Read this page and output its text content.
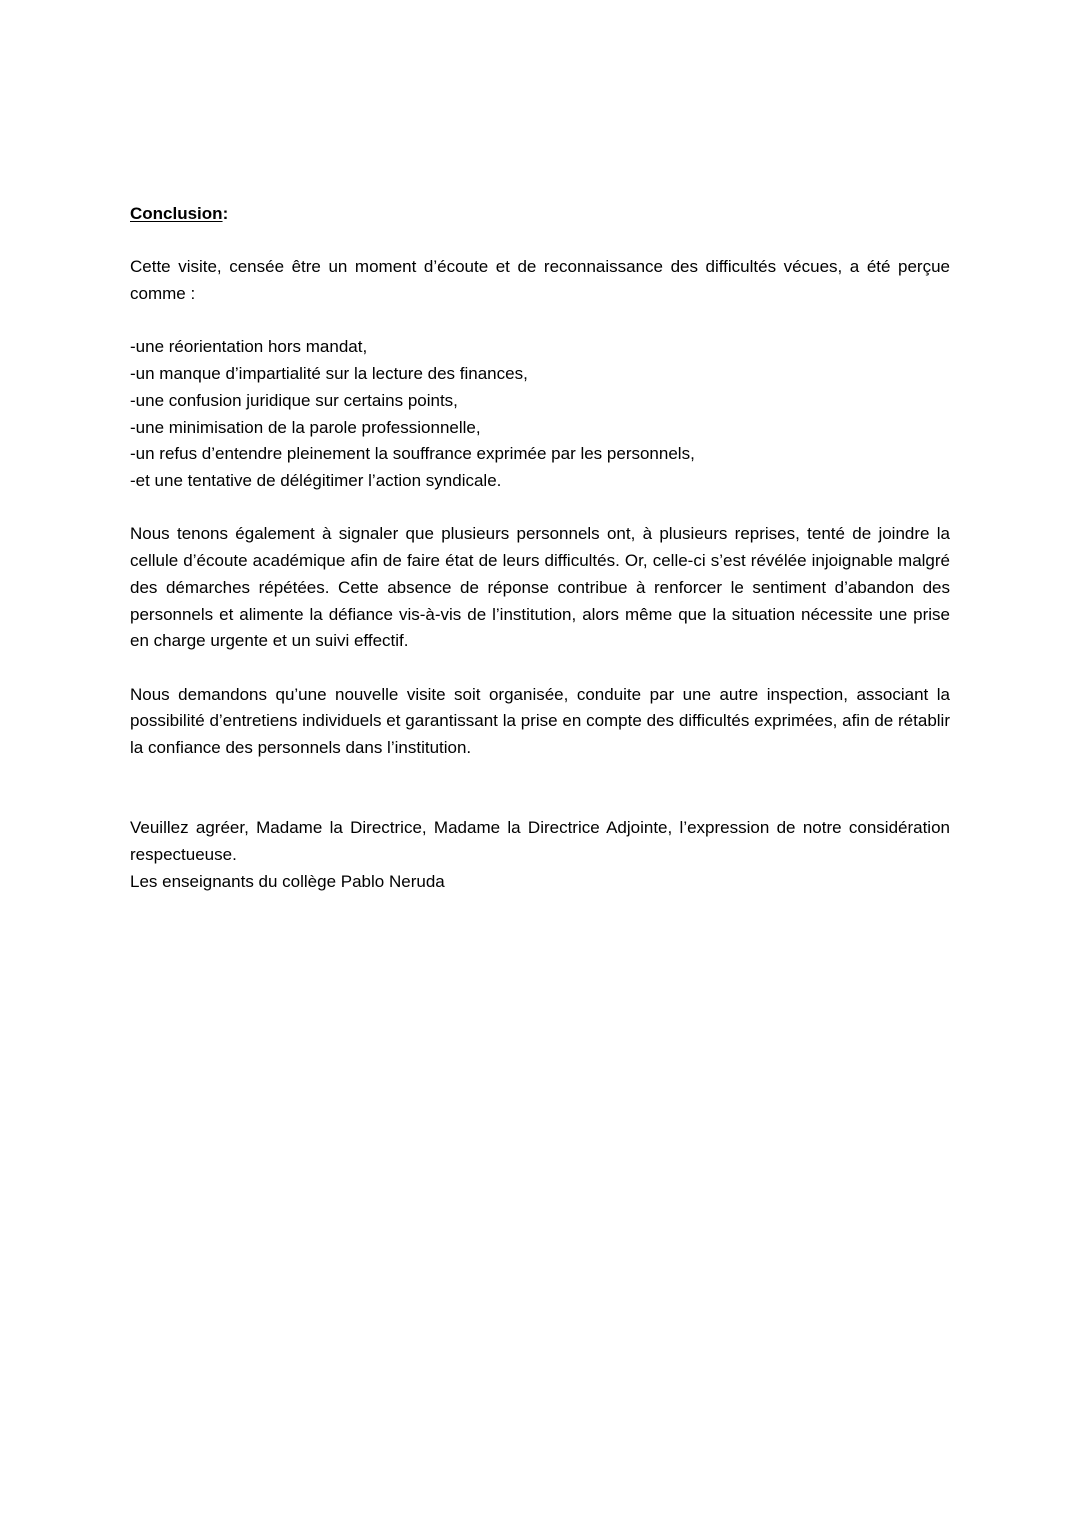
Conclusion:

Cette visite, censée être un moment d’écoute et de reconnaissance des difficultés vécues, a été perçue comme :

-une réorientation hors mandat,
-un manque d’impartialité sur la lecture des finances,
-une confusion juridique sur certains points,
-une minimisation de la parole professionnelle,
-un refus d’entendre pleinement la souffrance exprimée par les personnels,
-et une tentative de délégitimer l’action syndicale.

Nous tenons également à signaler que plusieurs personnels ont, à plusieurs reprises, tenté de joindre la cellule d’écoute académique afin de faire état de leurs difficultés. Or, celle-ci s’est révélée injoignable malgré des démarches répétées. Cette absence de réponse contribue à renforcer le sentiment d’abandon des personnels et alimente la défiance vis-à-vis de l’institution, alors même que la situation nécessite une prise en charge urgente et un suivi effectif.

Nous demandons qu’une nouvelle visite soit organisée, conduite par une autre inspection, associant la possibilité d’entretiens individuels et garantissant la prise en compte des difficultés exprimées, afin de rétablir la confiance des personnels dans l’institution.

Veuillez agréer, Madame la Directrice, Madame la Directrice Adjointe, l’expression de notre considération respectueuse.

Les enseignants du collège Pablo Neruda
